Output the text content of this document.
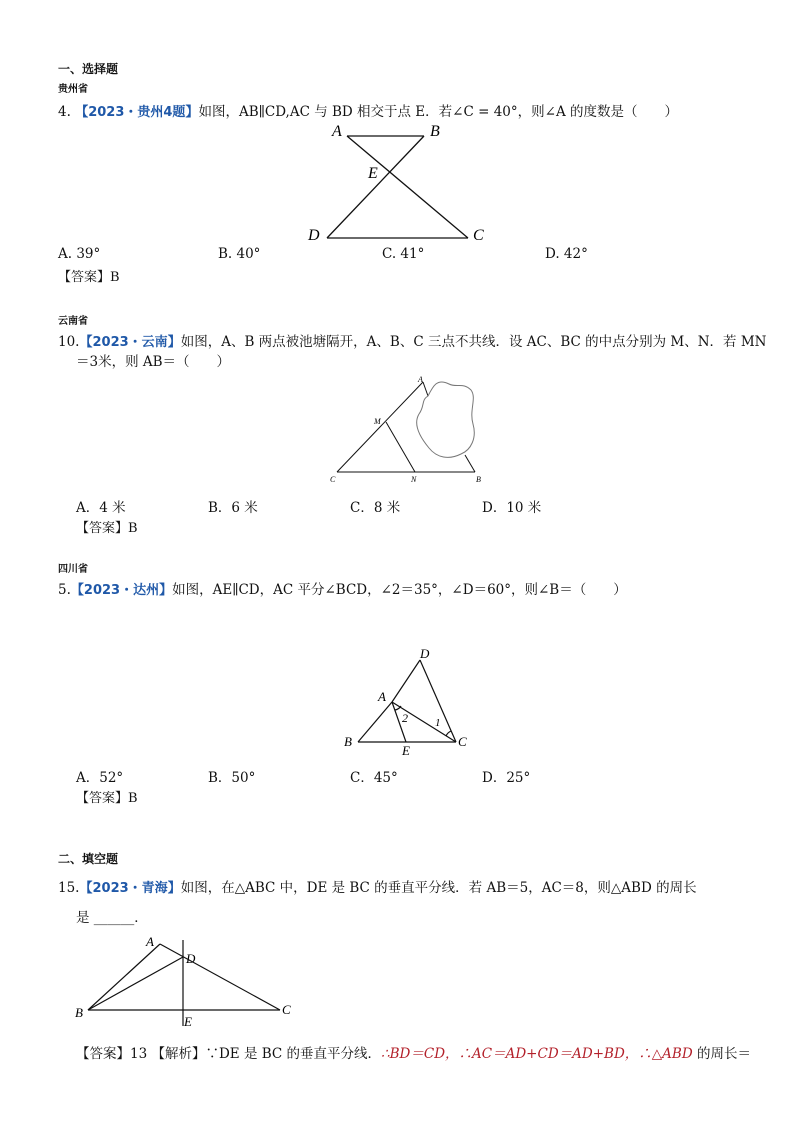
一、选择题
贵州省
4. 【2023・贵州4题】如图，AB∥CD,AC 与 BD 相交于点 E．若∠C = 40°，则∠A 的度数是（　　）
A	B
E
D	C
A. 39°	B. 40°	C. 41°	D. 42°
【答案】B
云南省
10.【2023・云南】如图，A、B 两点被池塘隔开，A、B、C 三点不共线．设 AC、BC 的中点分别为 M、N．若 MN
＝3米，则 AB＝（　　）
A
M
C	N	B
A．4 米	B．6 米	C．8 米	D．10 米
【答案】B
四川省
5.【2023・达州】如图，AE∥CD，AC 平分∠BCD，∠2＝35°，∠D＝60°，则∠B＝（　　）
D
A
2 1
B
E
C
A．52°	B．50°	C．45°	D．25°
【答案】B
二、填空题
15.【2023・青海】如图，在△ABC 中，DE 是 BC 的垂直平分线．若 AB＝5，AC＝8，则△ABD 的周长
是 ______．
A
D
B
E
C
【答案】13 【解析】∵DE 是 BC 的垂直平分线．∴BD＝CD，∴AC＝AD+CD＝AD+BD，∴△ABD 的周长＝
